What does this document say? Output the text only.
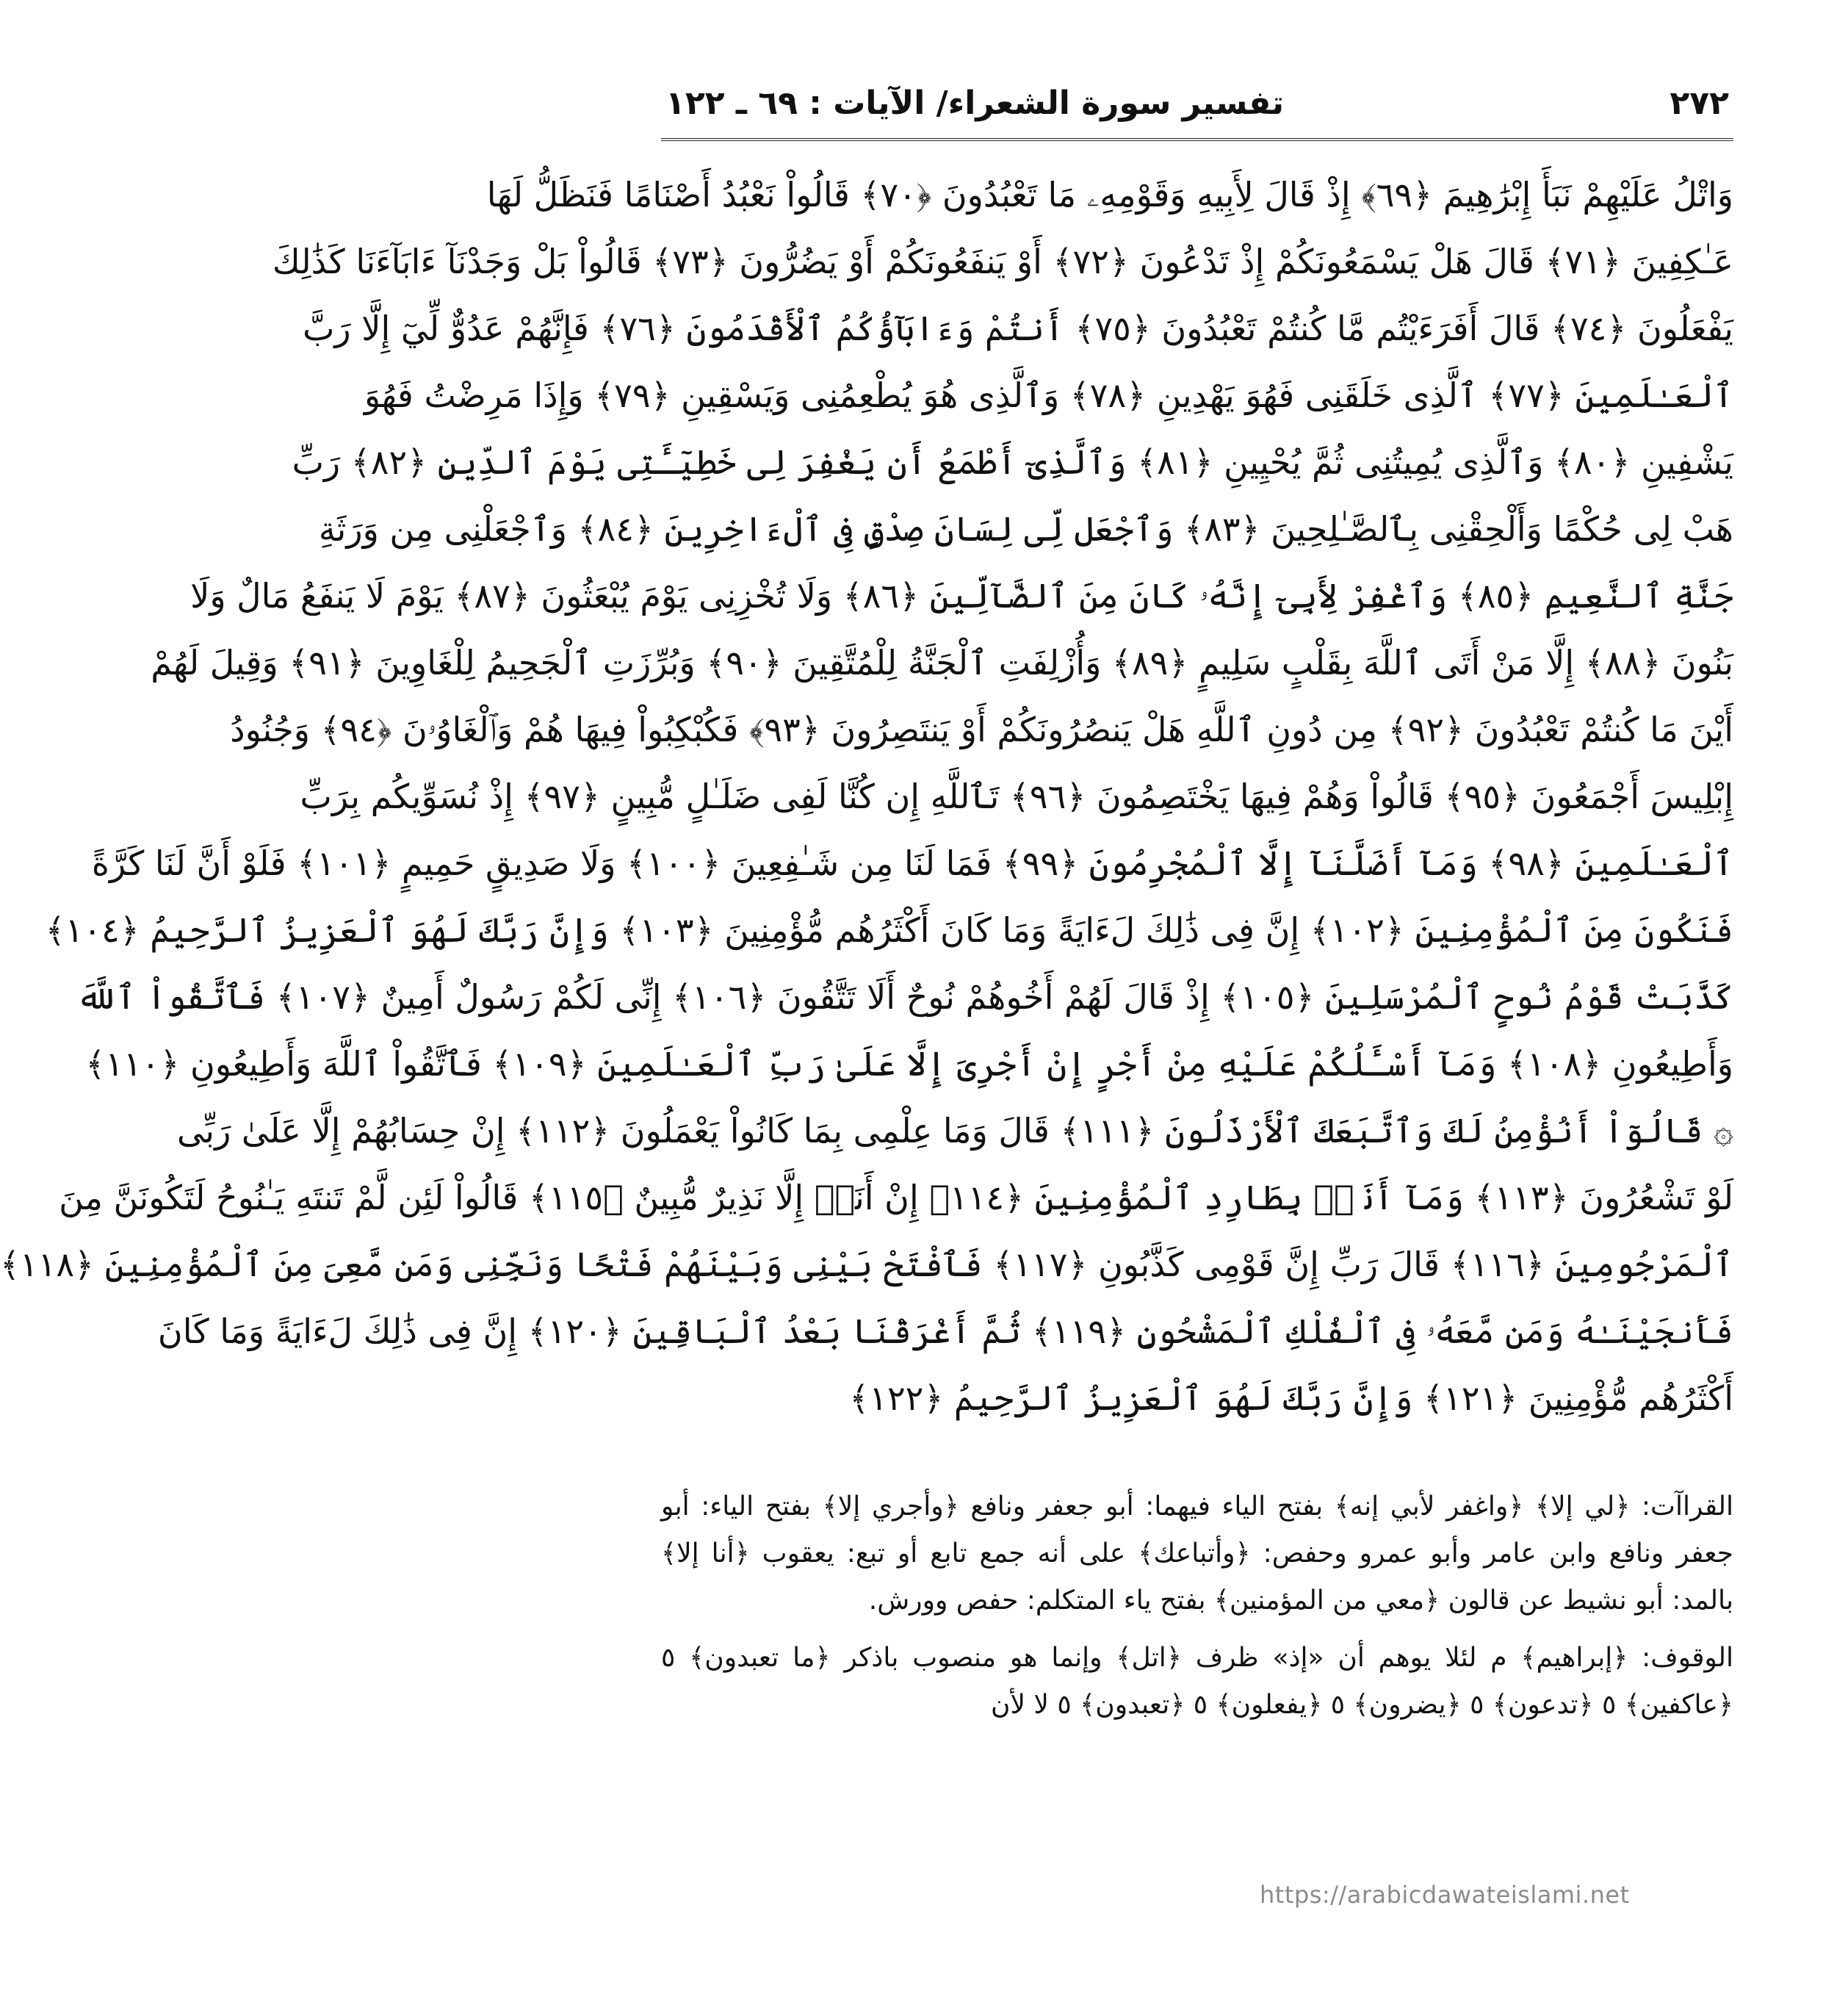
٢٧٢
تفسير سورة الشعراء/ الآيات : ٦٩ ـ ١٢٢
وَاتْلُ عَلَيْهِمْ نَبَأَ إِبْرَٰهِيمَ ﴿٦٩﴾ إِذْ قَالَ لِأَبِيهِ وَقَوْمِهِۦ مَا تَعْبُدُونَ ﴿٧٠﴾ قَالُواْ نَعْبُدُ أَصْنَامًا فَنَظَلُّ لَهَا
عَـٰكِفِينَ ﴿٧١﴾ قَالَ هَلْ يَسْمَعُونَكُمْ إِذْ تَدْعُونَ ﴿٧٢﴾ أَوْ يَنفَعُونَكُمْ أَوْ يَضُرُّونَ ﴿٧٣﴾ قَالُواْ بَلْ وَجَدْنَآ ءَابَآءَنَا كَذَٰلِكَ
يَفْعَلُونَ ﴿٧٤﴾ قَالَ أَفَرَءَيْتُم مَّا كُنتُمْ تَعْبُدُونَ ﴿٧٥﴾ أَنتُمْ وَءَابَآؤُكُمُ ٱلْأَقْدَمُونَ ﴿٧٦﴾ فَإِنَّهُمْ عَدُوٌّ لِّيٓ إِلَّا رَبَّ
ٱلْعَـٰلَمِينَ ﴿٧٧﴾ ٱلَّذِى خَلَقَنِى فَهُوَ يَهْدِينِ ﴿٧٨﴾ وَٱلَّذِى هُوَ يُطْعِمُنِى وَيَسْقِينِ ﴿٧٩﴾ وَإِذَا مَرِضْتُ فَهُوَ
يَشْفِينِ ﴿٨٠﴾ وَٱلَّذِى يُمِيتُنِى ثُمَّ يُحْيِينِ ﴿٨١﴾ وَٱلَّذِىٓ أَطْمَعُ أَن يَغْفِرَ لِى خَطِيٓـَٔتِى يَوْمَ ٱلدِّينِ ﴿٨٢﴾ رَبِّ
هَبْ لِى حُكْمًا وَأَلْحِقْنِى بِٱلصَّـٰلِحِينَ ﴿٨٣﴾ وَٱجْعَل لِّى لِسَانَ صِدْقٍ فِى ٱلْءَاخِرِينَ ﴿٨٤﴾ وَٱجْعَلْنِى مِن وَرَثَةِ
جَنَّةِ ٱلنَّعِيمِ ﴿٨٥﴾ وَٱغْفِرْ لِأَبِىٓ إِنَّهُۥ كَانَ مِنَ ٱلضَّآلِّينَ ﴿٨٦﴾ وَلَا تُخْزِنِى يَوْمَ يُبْعَثُونَ ﴿٨٧﴾ يَوْمَ لَا يَنفَعُ مَالٌ وَلَا
بَنُونَ ﴿٨٨﴾ إِلَّا مَنْ أَتَى ٱللَّهَ بِقَلْبٍ سَلِيمٍ ﴿٨٩﴾ وَأُزْلِفَتِ ٱلْجَنَّةُ لِلْمُتَّقِينَ ﴿٩٠﴾ وَبُرِّزَتِ ٱلْجَحِيمُ لِلْغَاوِينَ ﴿٩١﴾ وَقِيلَ لَهُمْ
أَيْنَ مَا كُنتُمْ تَعْبُدُونَ ﴿٩٢﴾ مِن دُونِ ٱللَّهِ هَلْ يَنصُرُونَكُمْ أَوْ يَنتَصِرُونَ ﴿٩٣﴾ فَكُبْكِبُواْ فِيهَا هُمْ وَٱلْغَاوُۥنَ ﴿٩٤﴾ وَجُنُودُ
إِبْلِيسَ أَجْمَعُونَ ﴿٩٥﴾ قَالُواْ وَهُمْ فِيهَا يَخْتَصِمُونَ ﴿٩٦﴾ تَٱللَّهِ إِن كُنَّا لَفِى ضَلَـٰلٍ مُّبِينٍ ﴿٩٧﴾ إِذْ نُسَوِّيكُم بِرَبِّ
ٱلْعَـٰلَمِينَ ﴿٩٨﴾ وَمَآ أَضَلَّنَآ إِلَّا ٱلْمُجْرِمُونَ ﴿٩٩﴾ فَمَا لَنَا مِن شَـٰفِعِينَ ﴿١٠٠﴾ وَلَا صَدِيقٍ حَمِيمٍ ﴿١٠١﴾ فَلَوْ أَنَّ لَنَا كَرَّةً
فَنَكُونَ مِنَ ٱلْمُؤْمِنِينَ ﴿١٠٢﴾ إِنَّ فِى ذَٰلِكَ لَءَايَةً وَمَا كَانَ أَكْثَرُهُم مُّؤْمِنِينَ ﴿١٠٣﴾ وَإِنَّ رَبَّكَ لَهُوَ ٱلْعَزِيزُ ٱلرَّحِيمُ ﴿١٠٤﴾
كَذَّبَتْ قَوْمُ نُوحٍ ٱلْمُرْسَلِينَ ﴿١٠٥﴾ إِذْ قَالَ لَهُمْ أَخُوهُمْ نُوحٌ أَلَا تَتَّقُونَ ﴿١٠٦﴾ إِنِّى لَكُمْ رَسُولٌ أَمِينٌ ﴿١٠٧﴾ فَٱتَّقُواْ ٱللَّهَ
وَأَطِيعُونِ ﴿١٠٨﴾ وَمَآ أَسْـَٔلُكُمْ عَلَيْهِ مِنْ أَجْرٍ إِنْ أَجْرِىَ إِلَّا عَلَىٰ رَبِّ ٱلْعَـٰلَمِينَ ﴿١٠٩﴾ فَٱتَّقُواْ ٱللَّهَ وَأَطِيعُونِ ﴿١١٠﴾
۞ قَالُوٓاْ أَنُؤْمِنُ لَكَ وَٱتَّبَعَكَ ٱلْأَرْذَلُونَ ﴿١١١﴾ قَالَ وَمَا عِلْمِى بِمَا كَانُواْ يَعْمَلُونَ ﴿١١٢﴾ إِنْ حِسَابُهُمْ إِلَّا عَلَىٰ رَبِّى
لَوْ تَشْعُرُونَ ﴿١١٣﴾ وَمَآ أَنَا۠ بِطَارِدِ ٱلْمُؤْمِنِينَ ﴿١١٤﴾ إِنْ أَنَا۠ إِلَّا نَذِيرٌ مُّبِينٌ ﴿١١٥﴾ قَالُواْ لَئِن لَّمْ تَنتَهِ يَـٰنُوحُ لَتَكُونَنَّ مِنَ
ٱلْمَرْجُومِينَ ﴿١١٦﴾ قَالَ رَبِّ إِنَّ قَوْمِى كَذَّبُونِ ﴿١١٧﴾ فَٱفْتَحْ بَيْنِى وَبَيْنَهُمْ فَتْحًا وَنَجِّنِى وَمَن مَّعِىَ مِنَ ٱلْمُؤْمِنِينَ ﴿١١٨﴾
فَأَنجَيْنَـٰهُ وَمَن مَّعَهُۥ فِى ٱلْفُلْكِ ٱلْمَشْحُونِ ﴿١١٩﴾ ثُمَّ أَغْرَقْنَا بَعْدُ ٱلْبَاقِينَ ﴿١٢٠﴾ إِنَّ فِى ذَٰلِكَ لَءَايَةً وَمَا كَانَ
أَكْثَرُهُم مُّؤْمِنِينَ ﴿١٢١﴾ وَإِنَّ رَبَّكَ لَهُوَ ٱلْعَزِيزُ ٱلرَّحِيمُ ﴿١٢٢﴾

القراآت: ﴿لي إلا﴾ ﴿واغفر لأبي إنه﴾ بفتح الياء فيهما: أبو جعفر ونافع ﴿وأجري إلا﴾ بفتح الياء: أبو جعفر ونافع وابن عامر وأبو عمرو وحفص: ﴿وأتباعك﴾ على أنه جمع تابع أو تبع: يعقوب ﴿أنا إلا﴾ بالمد: أبو نشيط عن قالون ﴿معي من المؤمنين﴾ بفتح ياء المتكلم: حفص وورش.

الوقوف: ﴿إبراهيم﴾ م لئلا يوهم أن «إذ» ظرف ﴿اتل﴾ وإنما هو منصوب باذكر ﴿ما تعبدون﴾ ٥ ﴿عاكفين﴾ ٥ ﴿تدعون﴾ ٥ ﴿يضرون﴾ ٥ ﴿يفعلون﴾ ٥ ﴿تعبدون﴾ ٥ لا لأن

https://arabicdawateislami.net
